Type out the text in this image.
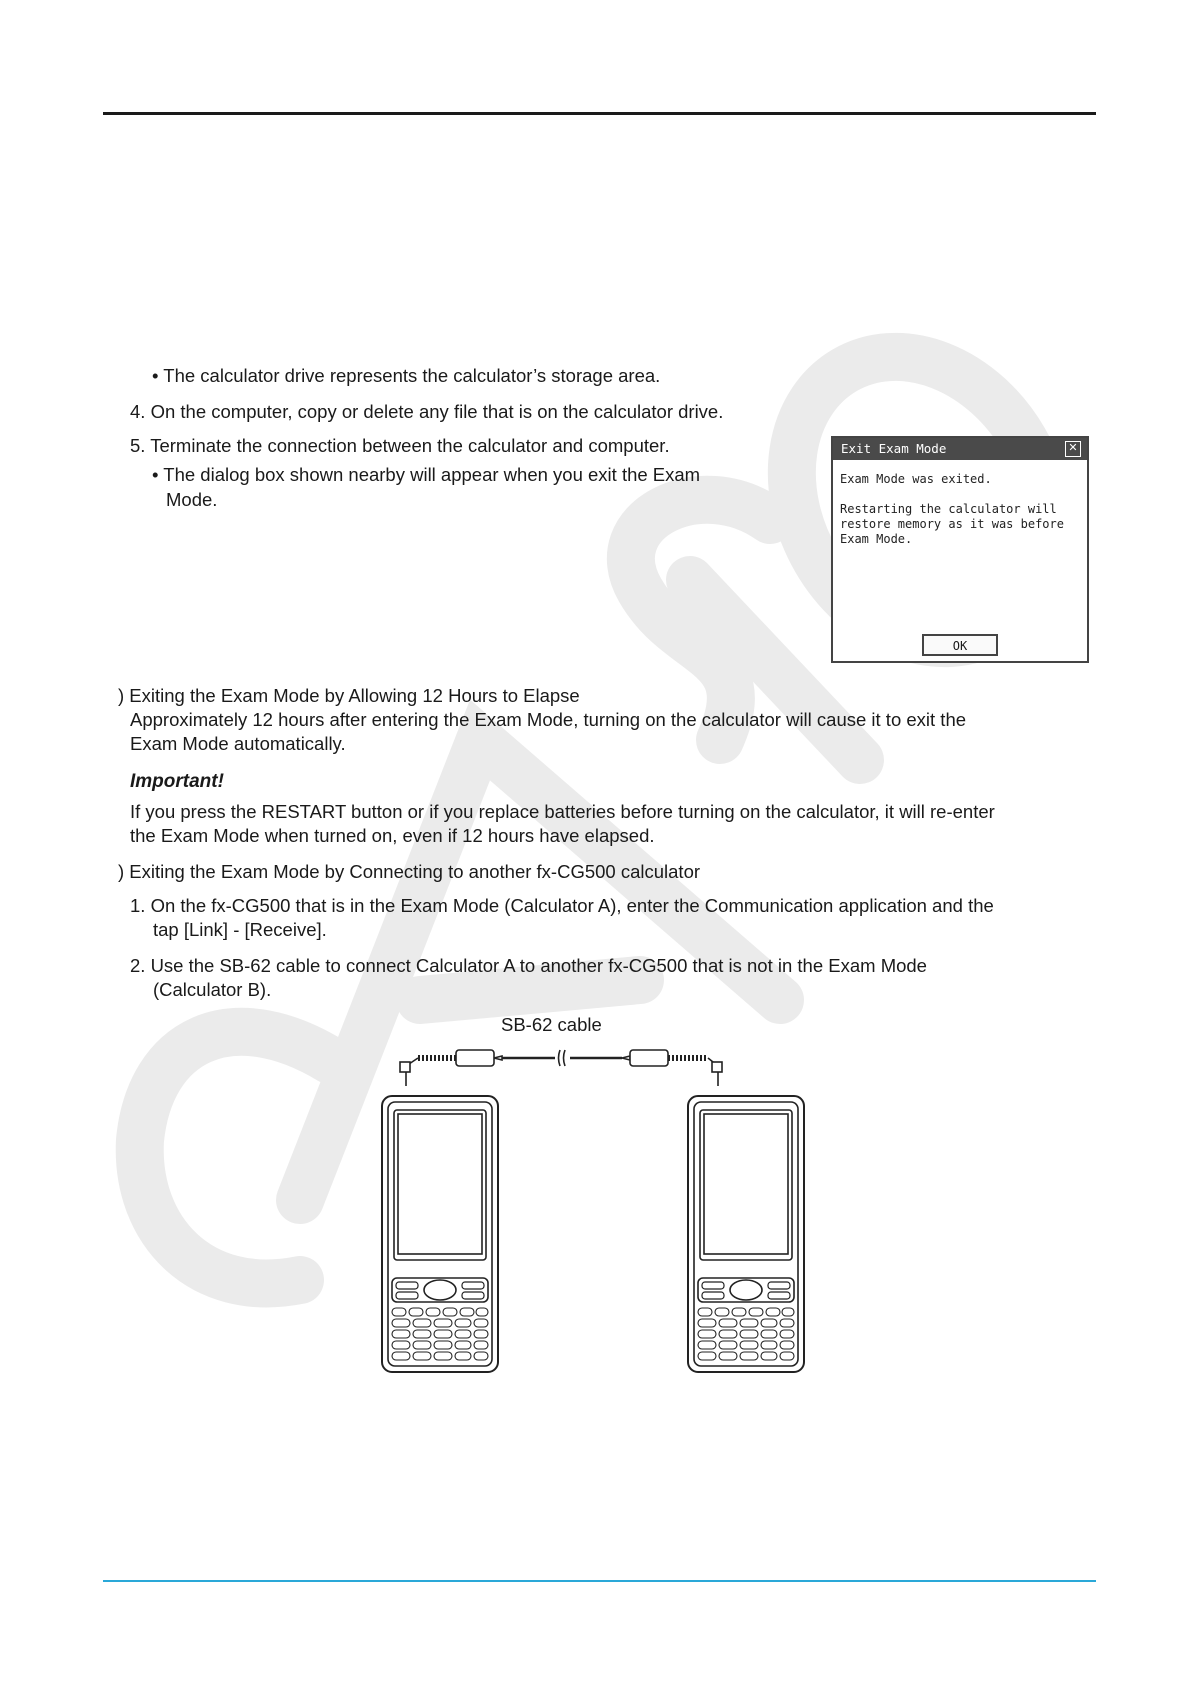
• The calculator drive represents the calculator’s storage area.
4. On the computer, copy or delete any file that is on the calculator drive.
5. Terminate the connection between the calculator and computer.
• The dialog box shown nearby will appear when you exit the Exam
Mode.
Exit Exam Mode	✕
Exam Mode was exited.
Restarting the calculator will
restore memory as it was before
Exam Mode.
OK
) Exiting the Exam Mode by Allowing 12 Hours to Elapse
Approximately 12 hours after entering the Exam Mode, turning on the calculator will cause it to exit the
Exam Mode automatically.
Important!
If you press the RESTART button or if you replace batteries before turning on the calculator, it will re-enter
the Exam Mode when turned on, even if 12 hours have elapsed.
) Exiting the Exam Mode by Connecting to another fx-CG500 calculator
1. On the fx-CG500 that is in the Exam Mode (Calculator A), enter the Communication application and the
tap [Link] - [Receive].
2. Use the SB-62 cable to connect Calculator A to another fx-CG500 that is not in the Exam Mode
(Calculator B).
SB-62 cable
